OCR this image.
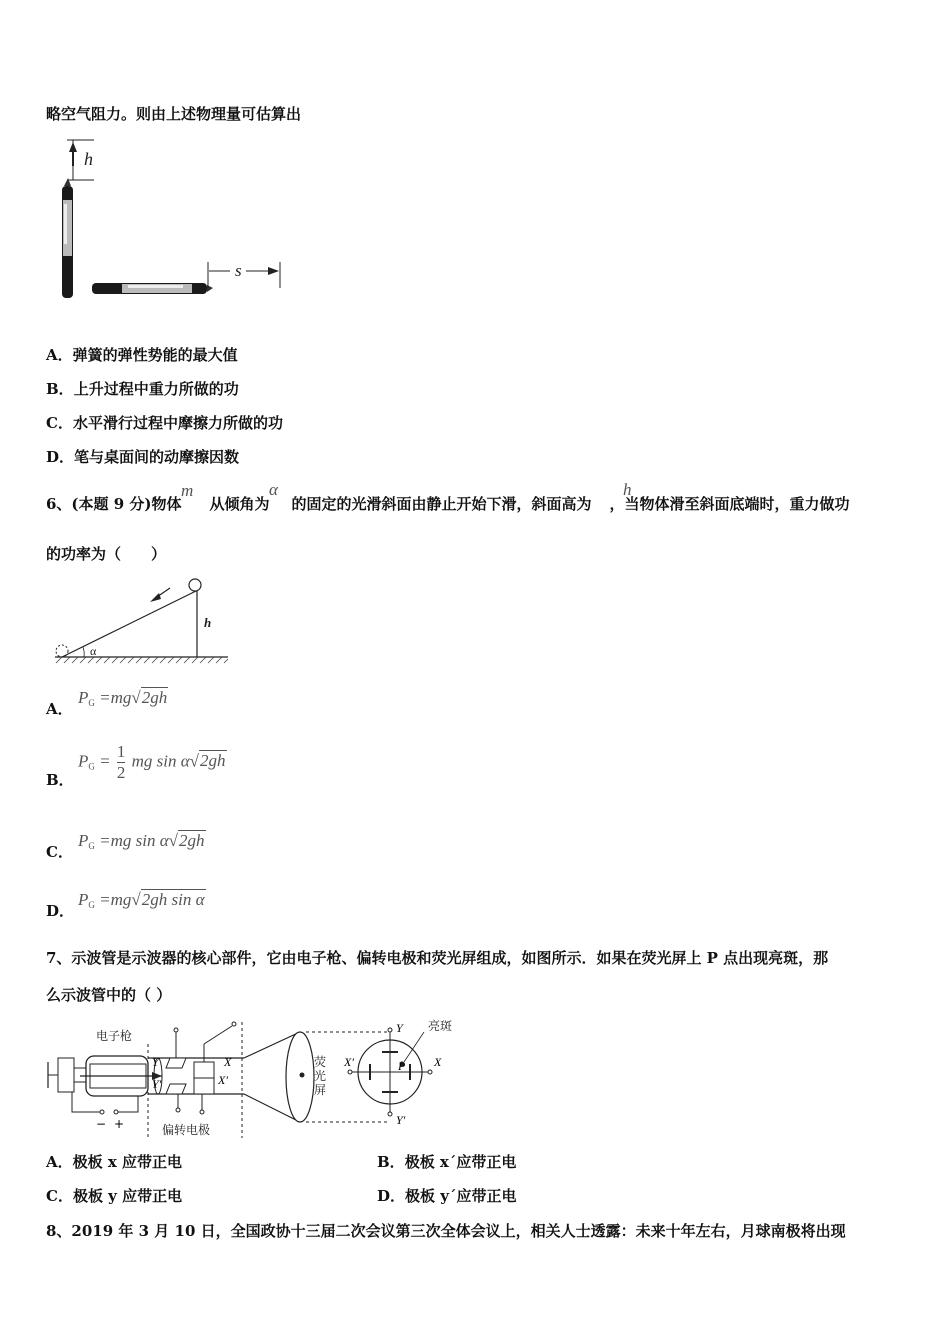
略空气阻力。则由上述物理量可估算出
h
s
A．弹簧的弹性势能的最大值
B．上升过程中重力所做的功
C．水平滑行过程中摩擦力所做的功
D．笔与桌面间的动摩擦因数
6、(本题 9 分)物体 从倾角为 的固定的光滑斜面由静止开始下滑，斜面高为 ，当物体滑至斜面底端时，重力做功
m	α	h
的功率为（　　）
α
h
A．
$P_G =mg√2gh$
B．
$P_G = \frac{1}{2}$ mg sin α√2gh
C．
$P_G =mg$ sin α√2gh
D．
$P_G =mg√2gh$ sin α
7、示波管是示波器的核心部件，它由电子枪、偏转电极和荧光屏组成，如图所示．如果在荧光屏上 P 点出现亮斑，那
么示波管中的（ ）
电子枪
偏转电极
亮斑
荧
光
屏
− +
Y
Y′
X
X′
Y
Y′
X′	X
P
A．极板 x 应带正电	B．极板 x´应带正电
C．极板 y 应带正电	D．极板 y´应带正电
8、2019 年 3 月 10 日，全国政协十三届二次会议第三次全体会议上，相关人士透露：未来十年左右，月球南极将出现
